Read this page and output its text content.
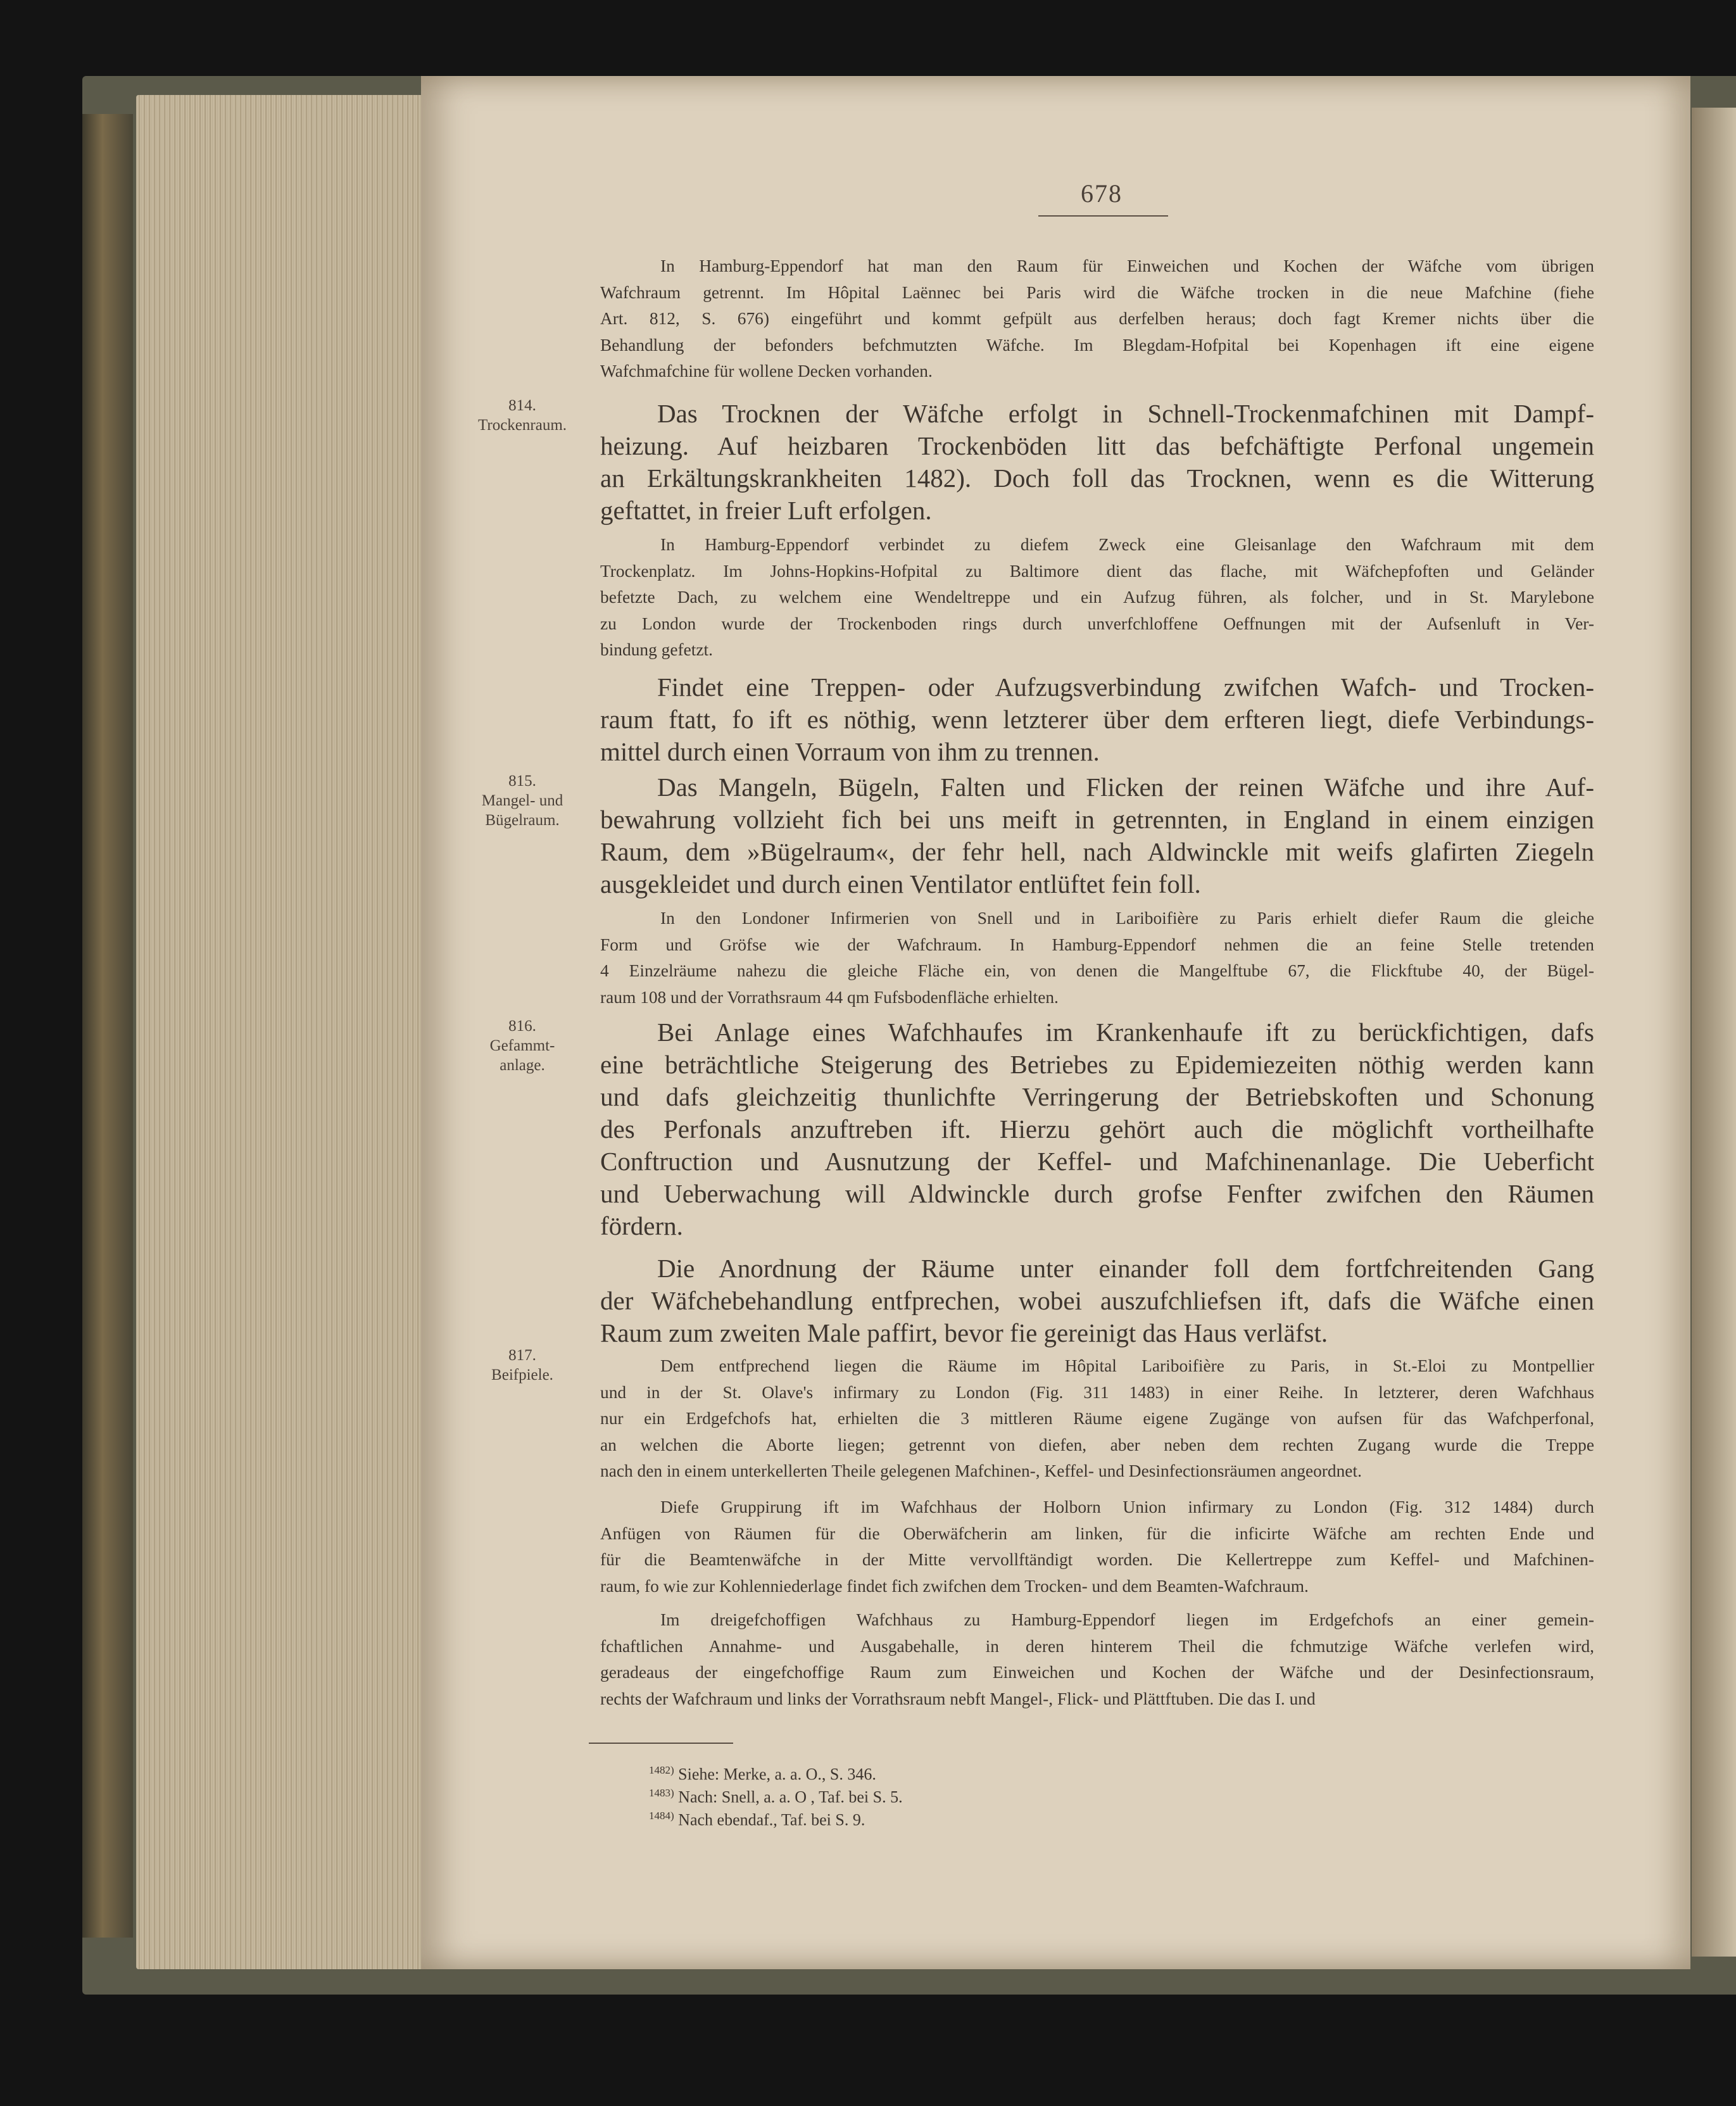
678
814.
Trockenraum.
815.
Mangel- und Bügelraum.
816.
Gefammt- anlage.
817.
Beifpiele.
In Hamburg-Eppendorf hat man den Raum für Einweichen und Kochen der Wäfche vom übrigen
Wafchraum getrennt. Im Hôpital Laënnec bei Paris wird die Wäfche trocken in die neue Mafchine (fiehe
Art. 812, S. 676) eingeführt und kommt gefpült aus derfelben heraus; doch fagt Kremer nichts über die
Behandlung der befonders befchmutzten Wäfche. Im Blegdam-Hofpital bei Kopenhagen ift eine eigene
Wafchmafchine für wollene Decken vorhanden.
Das Trocknen der Wäfche erfolgt in Schnell-Trockenmafchinen mit Dampf-
heizung. Auf heizbaren Trockenböden litt das befchäftigte Perfonal ungemein
an Erkältungskrankheiten 1482). Doch foll das Trocknen, wenn es die Witterung
geftattet, in freier Luft erfolgen.
In Hamburg-Eppendorf verbindet zu diefem Zweck eine Gleisanlage den Wafchraum mit dem
Trockenplatz. Im Johns-Hopkins-Hofpital zu Baltimore dient das flache, mit Wäfchepfoften und Geländer
befetzte Dach, zu welchem eine Wendeltreppe und ein Aufzug führen, als folcher, und in St. Marylebone
zu London wurde der Trockenboden rings durch unverfchloffene Oeffnungen mit der Aufsenluft in Ver-
bindung gefetzt.
Findet eine Treppen- oder Aufzugsverbindung zwifchen Wafch- und Trocken-
raum ftatt, fo ift es nöthig, wenn letzterer über dem erfteren liegt, diefe Verbindungs-
mittel durch einen Vorraum von ihm zu trennen.
Das Mangeln, Bügeln, Falten und Flicken der reinen Wäfche und ihre Auf-
bewahrung vollzieht fich bei uns meift in getrennten, in England in einem einzigen
Raum, dem »Bügelraum«, der fehr hell, nach Aldwinckle mit weifs glafirten Ziegeln
ausgekleidet und durch einen Ventilator entlüftet fein foll.
In den Londoner Infirmerien von Snell und in Lariboifière zu Paris erhielt diefer Raum die gleiche
Form und Gröfse wie der Wafchraum. In Hamburg-Eppendorf nehmen die an feine Stelle tretenden
4 Einzelräume nahezu die gleiche Fläche ein, von denen die Mangelftube 67, die Flickftube 40, der Bügel-
raum 108 und der Vorrathsraum 44 qm Fufsbodenfläche erhielten.
Bei Anlage eines Wafchhaufes im Krankenhaufe ift zu berückfichtigen, dafs
eine beträchtliche Steigerung des Betriebes zu Epidemiezeiten nöthig werden kann
und dafs gleichzeitig thunlichfte Verringerung der Betriebskoften und Schonung
des Perfonals anzuftreben ift. Hierzu gehört auch die möglichft vortheilhafte
Conftruction und Ausnutzung der Keffel- und Mafchinenanlage. Die Ueberficht
und Ueberwachung will Aldwinckle durch grofse Fenfter zwifchen den Räumen
fördern.
Die Anordnung der Räume unter einander foll dem fortfchreitenden Gang
der Wäfchebehandlung entfprechen, wobei auszufchliefsen ift, dafs die Wäfche einen
Raum zum zweiten Male paffirt, bevor fie gereinigt das Haus verläfst.
Dem entfprechend liegen die Räume im Hôpital Lariboifière zu Paris, in St.-Eloi zu Montpellier
und in der St. Olave's infirmary zu London (Fig. 311 1483) in einer Reihe. In letzterer, deren Wafchhaus
nur ein Erdgefchofs hat, erhielten die 3 mittleren Räume eigene Zugänge von aufsen für das Wafchperfonal,
an welchen die Aborte liegen; getrennt von diefen, aber neben dem rechten Zugang wurde die Treppe
nach den in einem unterkellerten Theile gelegenen Mafchinen-, Keffel- und Desinfectionsräumen angeordnet.
Diefe Gruppirung ift im Wafchhaus der Holborn Union infirmary zu London (Fig. 312 1484) durch
Anfügen von Räumen für die Oberwäfcherin am linken, für die inficirte Wäfche am rechten Ende und
für die Beamtenwäfche in der Mitte vervollftändigt worden. Die Kellertreppe zum Keffel- und Mafchinen-
raum, fo wie zur Kohlenniederlage findet fich zwifchen dem Trocken- und dem Beamten-Wafchraum.
Im dreigefchoffigen Wafchhaus zu Hamburg-Eppendorf liegen im Erdgefchofs an einer gemein-
fchaftlichen Annahme- und Ausgabehalle, in deren hinterem Theil die fchmutzige Wäfche verlefen wird,
geradeaus der eingefchoffige Raum zum Einweichen und Kochen der Wäfche und der Desinfectionsraum,
rechts der Wafchraum und links der Vorrathsraum nebft Mangel-, Flick- und Plättftuben. Die das I. und
$^{1482)}$ Siehe: Merke, a. a. O., S. 346.
$^{1483)}$ Nach: Snell, a. a. O , Taf. bei S. 5.
$^{1484)}$ Nach ebendaf., Taf. bei S. 9.
